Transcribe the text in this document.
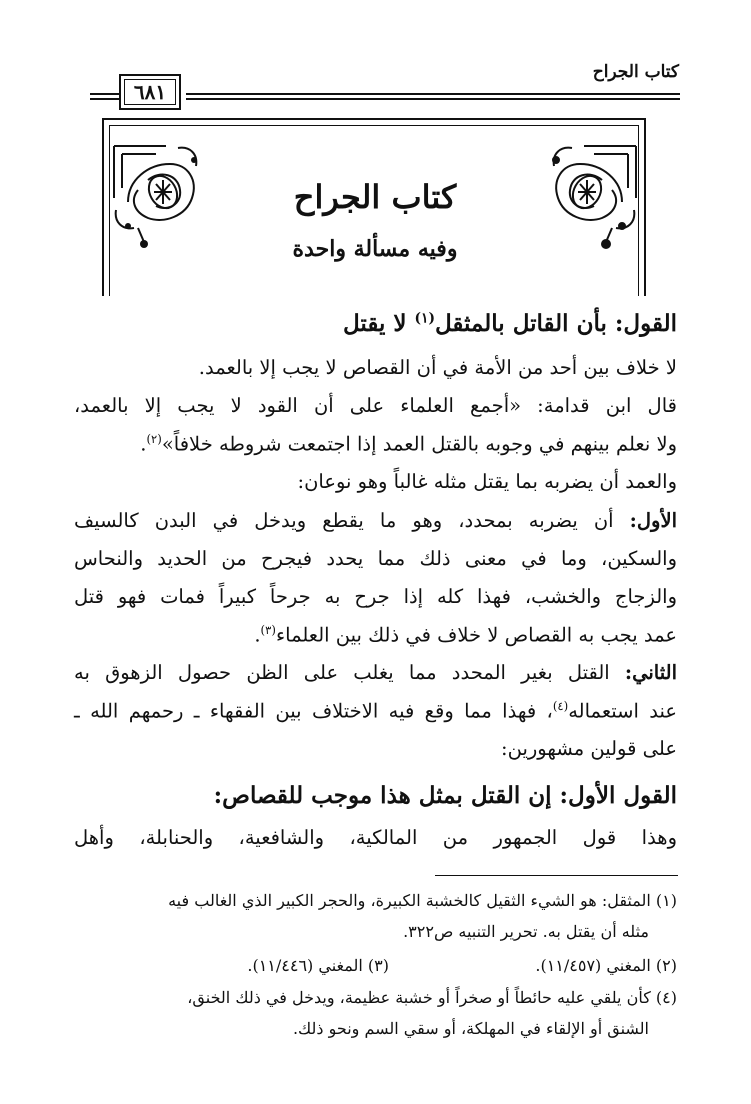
كتاب الجراح
٦٨١
كتاب الجراح
وفيه مسألة واحدة
القول: بأن القاتل بالمثقل$^{(١)}$ لا يقتل
لا خلاف بين أحد من الأمة في أن القصاص لا يجب إلا بالعمد.
قال ابن قدامة: «أجمع العلماء على أن القود لا يجب إلا بالعمد،
ولا نعلم بينهم في وجوبه بالقتل العمد إذا اجتمعت شروطه خلافاً»$^{(٢)}$.
والعمد أن يضربه بما يقتل مثله غالباً وهو نوعان:
الأول: أن يضربه بمحدد، وهو ما يقطع ويدخل في البدن كالسيف
والسكين، وما في معنى ذلك مما يحدد فيجرح من الحديد والنحاس
والزجاج والخشب، فهذا كله إذا جرح به جرحاً كبيراً فمات فهو قتل
عمد يجب به القصاص لا خلاف في ذلك بين العلماء$^{(٣)}$.
الثاني: القتل بغير المحدد مما يغلب على الظن حصول الزهوق به
عند استعماله$^{(٤)}$، فهذا مما وقع فيه الاختلاف بين الفقهاء ـ رحمهم الله ـ
على قولين مشهورين:
القول الأول: إن القتل بمثل هذا موجب للقصاص:
وهذا قول الجمهور من المالكية، والشافعية، والحنابلة، وأهل
(١) المثقل: هو الشيء الثقيل كالخشبة الكبيرة، والحجر الكبير الذي الغالب فيه
مثله أن يقتل به. تحرير التنبيه ص٣٢٢.
(٢) المغني (١١/٤٥٧).
(٣) المغني (١١/٤٤٦).
(٤) كأن يلقي عليه حائطاً أو صخراً أو خشبة عظيمة، ويدخل في ذلك الخنق،
الشنق أو الإلقاء في المهلكة، أو سقي السم ونحو ذلك.
